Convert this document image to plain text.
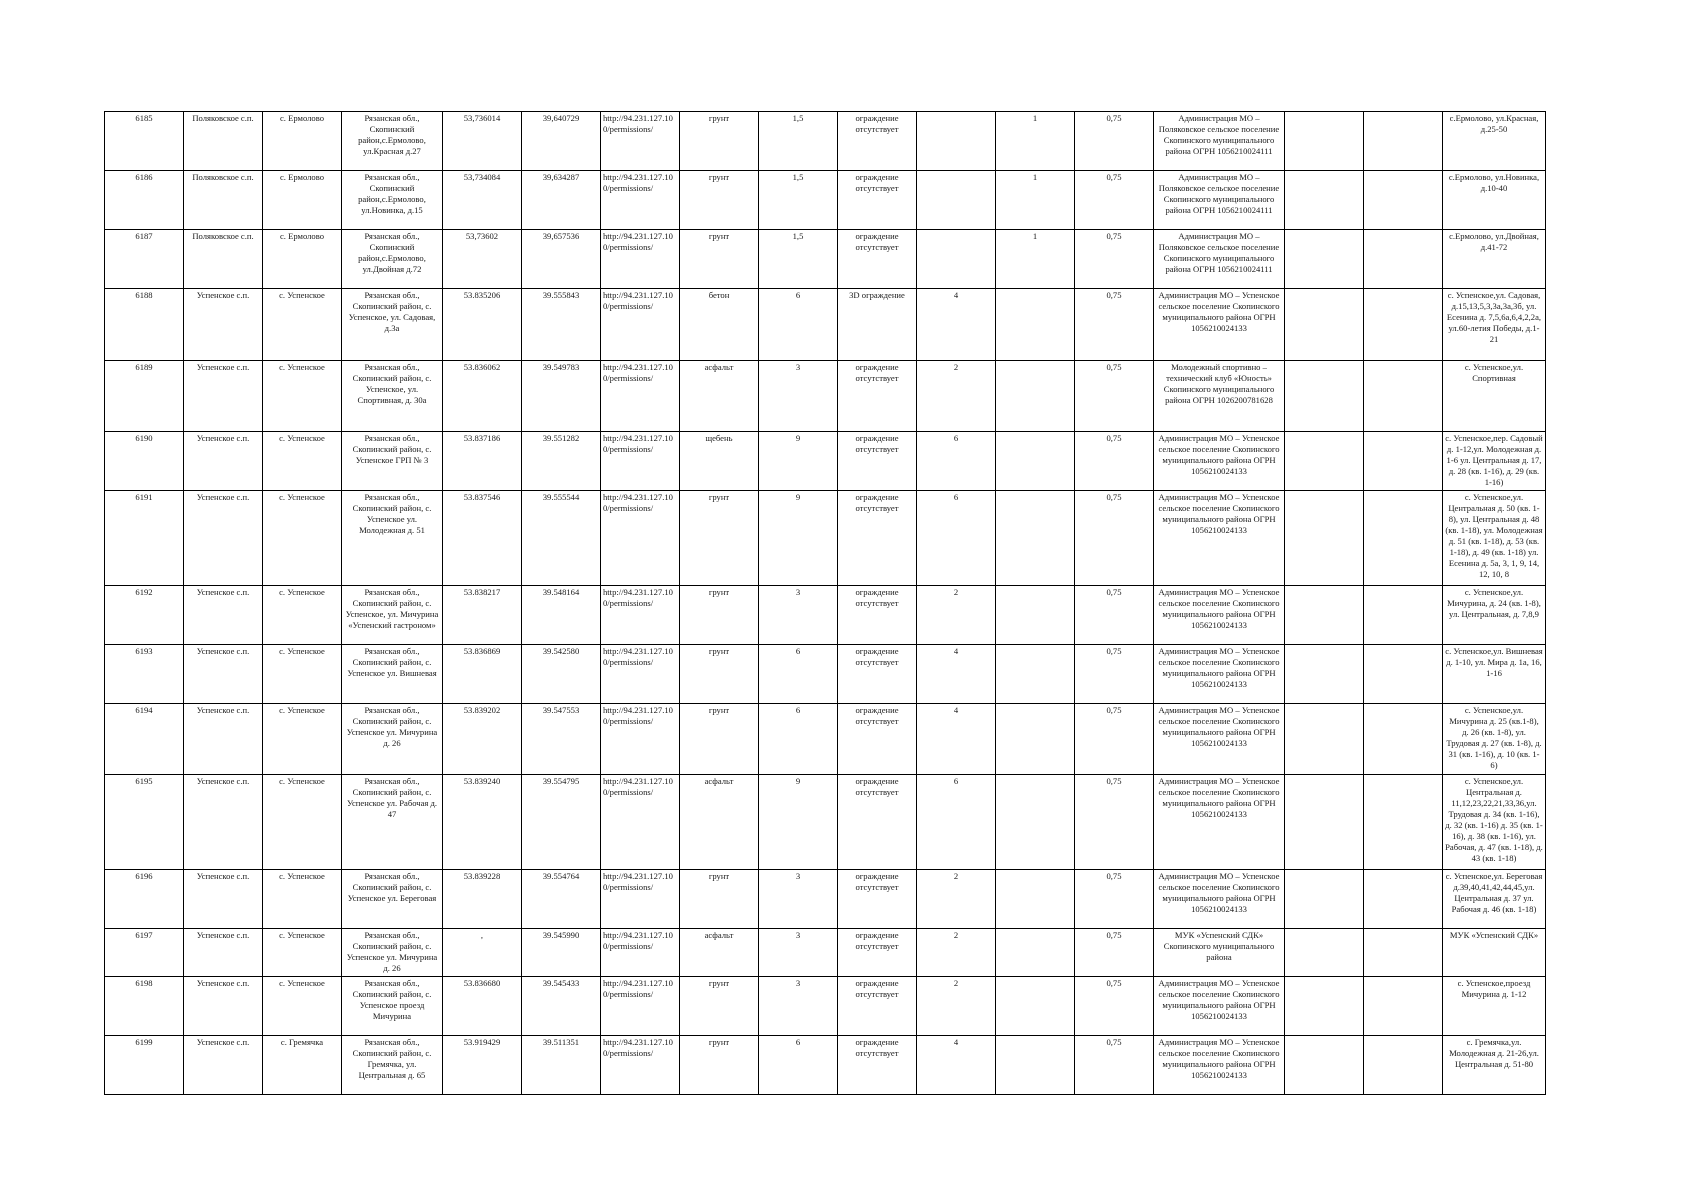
6185	Поляковское с.п.	с. Ермолово	Рязанская обл., Скопинский район,с.Ермолово, ул.Красная д.27	53,736014	39,640729	http://94.231.127.100/permissions/	грунт	1,5	ограждение отсутствует		1	0,75	Администрация МО – Поляковское сельское поселение Скопинского муниципального района ОГРН 1056210024111			с.Ермолово, ул.Красная, д.25-50
6186	Поляковское с.п.	с. Ермолово	Рязанская обл., Скопинский район,с.Ермолово, ул.Новинка, д.15	53,734084	39,634287	http://94.231.127.100/permissions/	грунт	1,5	ограждение отсутствует		1	0,75	Администрация МО – Поляковское сельское поселение Скопинского муниципального района ОГРН 1056210024111			с.Ермолово, ул.Новинка, д.10-40
6187	Поляковское с.п.	с. Ермолово	Рязанская обл., Скопинский район,с.Ермолово, ул.Двойная д.72	53,73602	39,657536	http://94.231.127.100/permissions/	грунт	1,5	ограждение отсутствует		1	0,75	Администрация МО – Поляковское сельское поселение Скопинского муниципального района ОГРН 1056210024111			с.Ермолово, ул.Двойная, д.41-72
6188	Успенское с.п.	с. Успенское	Рязанская обл., Скопинский район, с. Успенское, ул. Садовая, д.3а	53.835206	39.555843	http://94.231.127.100/permissions/	бетон	6	3D ограждение	4		0,75	Администрация МО – Успенское сельское поселение Скопинского муниципального района ОГРН 1056210024133			с. Успенское,ул. Садовая, д.15,13,5,3,3а,3а,3б, ул. Есенина д. 7,5,6а,6,4,2,2а, ул.60-летия Победы, д.1-21
6189	Успенское с.п.	с. Успенское	Рязанская обл., Скопинский район, с. Успенское, ул. Спортивная, д. 30а	53.836062	39.549783	http://94.231.127.100/permissions/	асфальт	3	ограждение отсутствует	2		0,75	Молодежный спортивно – технический клуб «Юность» Скопинского муниципального района ОГРН 1026200781628			с. Успенское,ул. Спортивная
6190	Успенское с.п.	с. Успенское	Рязанская обл., Скопинский район, с. Успенское ГРП № 3	53.837186	39.551282	http://94.231.127.100/permissions/	щебень	9	ограждение отсутствует	6		0,75	Администрация МО – Успенское сельское поселение Скопинского муниципального района ОГРН 1056210024133			с. Успенское,пер. Садовый д. 1-12,ул. Молодежная д. 1-6 ул. Центральная д. 17, д. 28 (кв. 1-16), д. 29 (кв. 1-16)
6191	Успенское с.п.	с. Успенское	Рязанская обл., Скопинский район, с. Успенское ул. Молодежная д. 51	53.837546	39.555544	http://94.231.127.100/permissions/	грунт	9	ограждение отсутствует	6		0,75	Администрация МО – Успенское сельское поселение Скопинского муниципального района ОГРН 1056210024133			с. Успенское,ул. Центральная д. 50 (кв. 1-8), ул. Центральная д. 48 (кв. 1-18), ул. Молодежная д. 51 (кв. 1-18), д. 53 (кв. 1-18), д. 49 (кв. 1-18) ул. Есенина д. 5а, 3, 1, 9, 14, 12, 10, 8
6192	Успенское с.п.	с. Успенское	Рязанская обл., Скопинский район, с. Успенское, ул. Мичурина «Успенский гастроном»	53.838217	39.548164	http://94.231.127.100/permissions/	грунт	3	ограждение отсутствует	2		0,75	Администрация МО – Успенское сельское поселение Скопинского муниципального района ОГРН 1056210024133			с. Успенское,ул. Мичурина, д. 24 (кв. 1-8), ул. Центральная, д. 7,8,9
6193	Успенское с.п.	с. Успенское	Рязанская обл., Скопинский район, с. Успенское ул. Вишневая	53.836869	39.542580	http://94.231.127.100/permissions/	грунт	6	ограждение отсутствует	4		0,75	Администрация МО – Успенское сельское поселение Скопинского муниципального района ОГРН 1056210024133			с. Успенское,ул. Вишневая д. 1-10, ул. Мира д. 1а, 16, 1-16
6194	Успенское с.п.	с. Успенское	Рязанская обл., Скопинский район, с. Успенское ул. Мичурина д. 26	53.839202	39.547553	http://94.231.127.100/permissions/	грунт	6	ограждение отсутствует	4		0,75	Администрация МО – Успенское сельское поселение Скопинского муниципального района ОГРН 1056210024133			с. Успенское,ул. Мичурина д. 25 (кв.1-8), д. 26 (кв. 1-8), ул. Трудовая д. 27 (кв. 1-8), д. 31 (кв. 1-16), д. 10 (кв. 1-6)
6195	Успенское с.п.	с. Успенское	Рязанская обл., Скопинский район, с. Успенское ул. Рабочая д. 47	53.839240	39.554795	http://94.231.127.100/permissions/	асфальт	9	ограждение отсутствует	6		0,75	Администрация МО – Успенское сельское поселение Скопинского муниципального района ОГРН 1056210024133			с. Успенское,ул. Центральная д. 11,12,23,22,21,33,36,ул. Трудовая д. 34 (кв. 1-16), д. 32 (кв. 1-16) д. 35 (кв. 1-16), д. 38 (кв. 1-16), ул. Рабочая, д. 47 (кв. 1-18), д. 43 (кв. 1-18)
6196	Успенское с.п.	с. Успенское	Рязанская обл., Скопинский район, с. Успенское ул. Береговая	53.839228	39.554764	http://94.231.127.100/permissions/	грунт	3	ограждение отсутствует	2		0,75	Администрация МО – Успенское сельское поселение Скопинского муниципального района ОГРН 1056210024133			с. Успенское,ул. Береговая д.39,40,41,42,44,45,ул. Центральная д. 37 ул. Рабочая д. 46 (кв. 1-18)
6197	Успенское с.п.	с. Успенское	Рязанская обл., Скопинский район, с. Успенское ул. Мичурина д. 26	,	39.545990	http://94.231.127.100/permissions/	асфальт	3	ограждение отсутствует	2		0,75	МУК «Успенский СДК» Скопинского муниципального района			МУК «Успенский СДК»
6198	Успенское с.п.	с. Успенское	Рязанская обл., Скопинский район, с. Успенское проезд Мичурина	53.836680	39.545433	http://94.231.127.100/permissions/	грунт	3	ограждение отсутствует	2		0,75	Администрация МО – Успенское сельское поселение Скопинского муниципального района ОГРН 1056210024133			с. Успенское,проезд Мичурина д. 1-12
6199	Успенское с.п.	с. Гремячка	Рязанская обл., Скопинский район, с. Гремячка, ул. Центральная д. 65	53.919429	39.511351	http://94.231.127.100/permissions/	грунт	6	ограждение отсутствует	4		0,75	Администрация МО – Успенское сельское поселение Скопинского муниципального района ОГРН 1056210024133			с. Гремячка,ул. Молодежная д. 21-26,ул. Центральная д. 51-80
